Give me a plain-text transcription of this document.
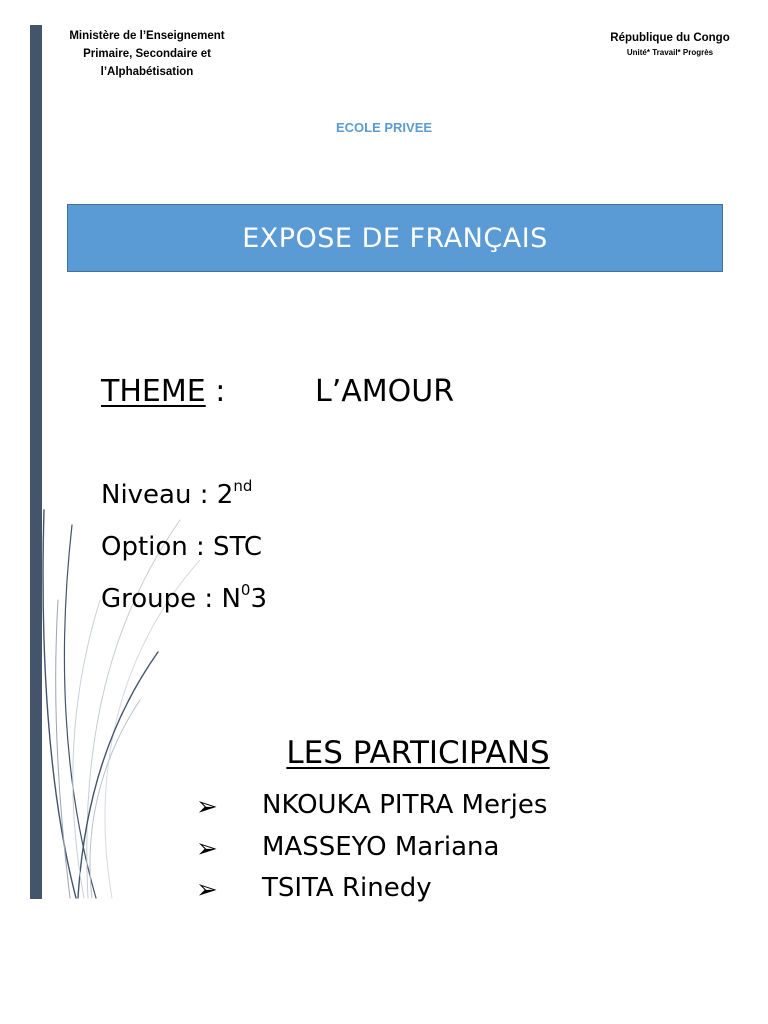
Ministère de l’Enseignement
Primaire, Secondaire et
l’Alphabétisation
République du Congo
Unité* Travail* Progrès
ECOLE PRIVEE
EXPOSE DE FRANÇAIS
THEME :	L’AMOUR
Niveau : 2nd
Option : STC
Groupe : $N^03$
LES PARTICIPANS
➢ NKOUKA PITRA Merjes
➢ MASSEYO Mariana
➢ TSITA Rinedy
